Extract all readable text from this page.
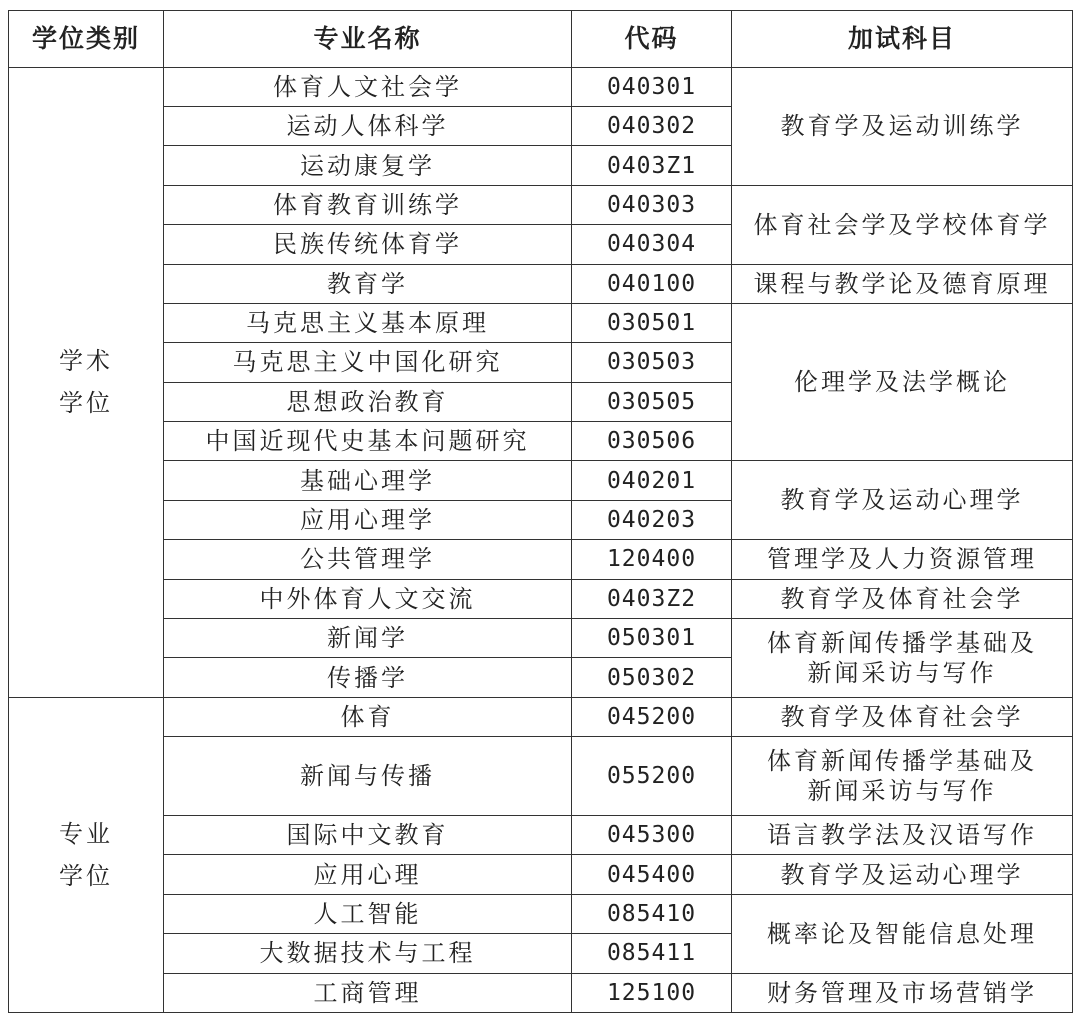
学位类别	专业名称	代码	加试科目

学术
学位	体育人文社会学	040301	教育学及运动训练学
	运动人体科学	040302	
	运动康复学	0403Z1	
	体育教育训练学	040303	体育社会学及学校体育学
	民族传统体育学	040304	
	教育学	040100	课程与教学论及德育原理
	马克思主义基本原理	030501	伦理学及法学概论
	马克思主义中国化研究	030503	
	思想政治教育	030505	
	中国近现代史基本问题研究	030506	
	基础心理学	040201	教育学及运动心理学
	应用心理学	040203	
	公共管理学	120400	管理学及人力资源管理
	中外体育人文交流	0403Z2	教育学及体育社会学
	新闻学	050301	体育新闻传播学基础及
新闻采访与写作

	传播学	050302	

专业
学位	体育	045200	教育学及体育社会学
	新闻与传播	055200	体育新闻传播学基础及
新闻采访与写作

	国际中文教育	045300	语言教学法及汉语写作
	应用心理	045400	教育学及运动心理学
	人工智能	085410	概率论及智能信息处理
	大数据技术与工程	085411	
	工商管理	125100	财务管理及市场营销学
